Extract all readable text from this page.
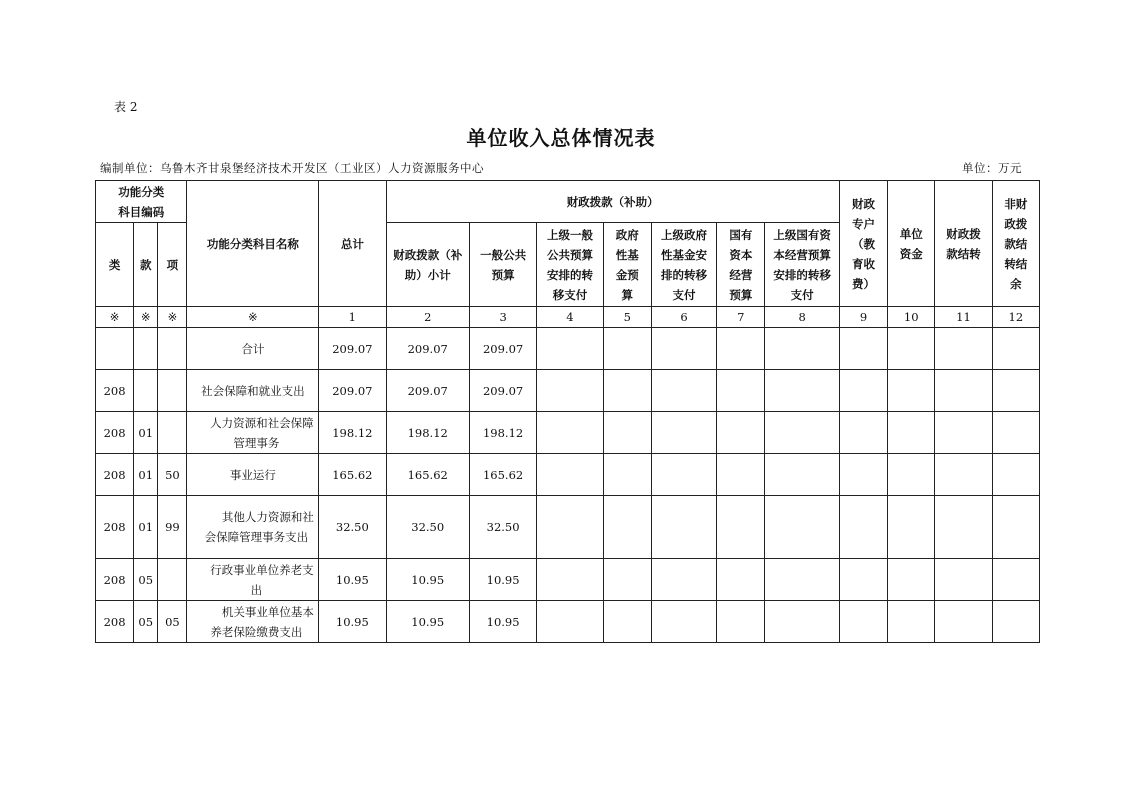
表 2
单位收入总体情况表
编制单位：乌鲁木齐甘泉堡经济技术开发区（工业区）人力资源服务中心	单位：万元
功能分类
科目编码			功能分类科目名称	总计	财政拨款（补助）							财政专户（教育收费）	单位资金	财政拨款结转	非财政拨款结转结余
类	款	项			财政拨款（补助）小计	一般公共预算	上级一般公共预算安排的转移支付	政府性基金预算	上级政府性基金安排的转移支付	国有资本经营预算	上级国有资本经营预算安排的转移支付				
※	※	※	※	1	2	3	4	5	6	7	8	9	10	11	12
			合计	209.07	209.07	209.07									
208			社会保障和就业支出	209.07	209.07	209.07									
208	01		人力资源和社会保障管理事务	198.12	198.12	198.12									
208	01	50	事业运行	165.62	165.62	165.62									
208	01	99	其他人力资源和社会保障管理事务支出	32.50	32.50	32.50									
208	05		行政事业单位养老支出	10.95	10.95	10.95									
208	05	05	机关事业单位基本养老保险缴费支出	10.95	10.95	10.95									
